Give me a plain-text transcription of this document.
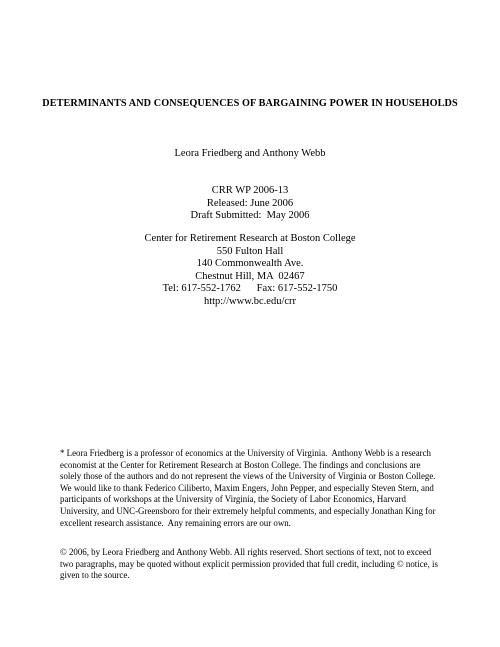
DETERMINANTS AND CONSEQUENCES OF BARGAINING POWER IN HOUSEHOLDS
Leora Friedberg and Anthony Webb
CRR WP 2006-13
Released: June 2006
Draft Submitted:  May 2006
Center for Retirement Research at Boston College
550 Fulton Hall
140 Commonwealth Ave.
Chestnut Hill, MA  02467
Tel: 617-552-1762      Fax: 617-552-1750
http://www.bc.edu/crr
* Leora Friedberg is a professor of economics at the University of Virginia.  Anthony Webb is a research
economist at the Center for Retirement Research at Boston College. The findings and conclusions are
solely those of the authors and do not represent the views of the University of Virginia or Boston College.
We would like to thank Federico Ciliberto, Maxim Engers, John Pepper, and especially Steven Stern, and
participants of workshops at the University of Virginia, the Society of Labor Economics, Harvard
University, and UNC-Greensboro for their extremely helpful comments, and especially Jonathan King for
excellent research assistance.  Any remaining errors are our own.
© 2006, by Leora Friedberg and Anthony Webb. All rights reserved. Short sections of text, not to exceed
two paragraphs, may be quoted without explicit permission provided that full credit, including © notice, is
given to the source.
